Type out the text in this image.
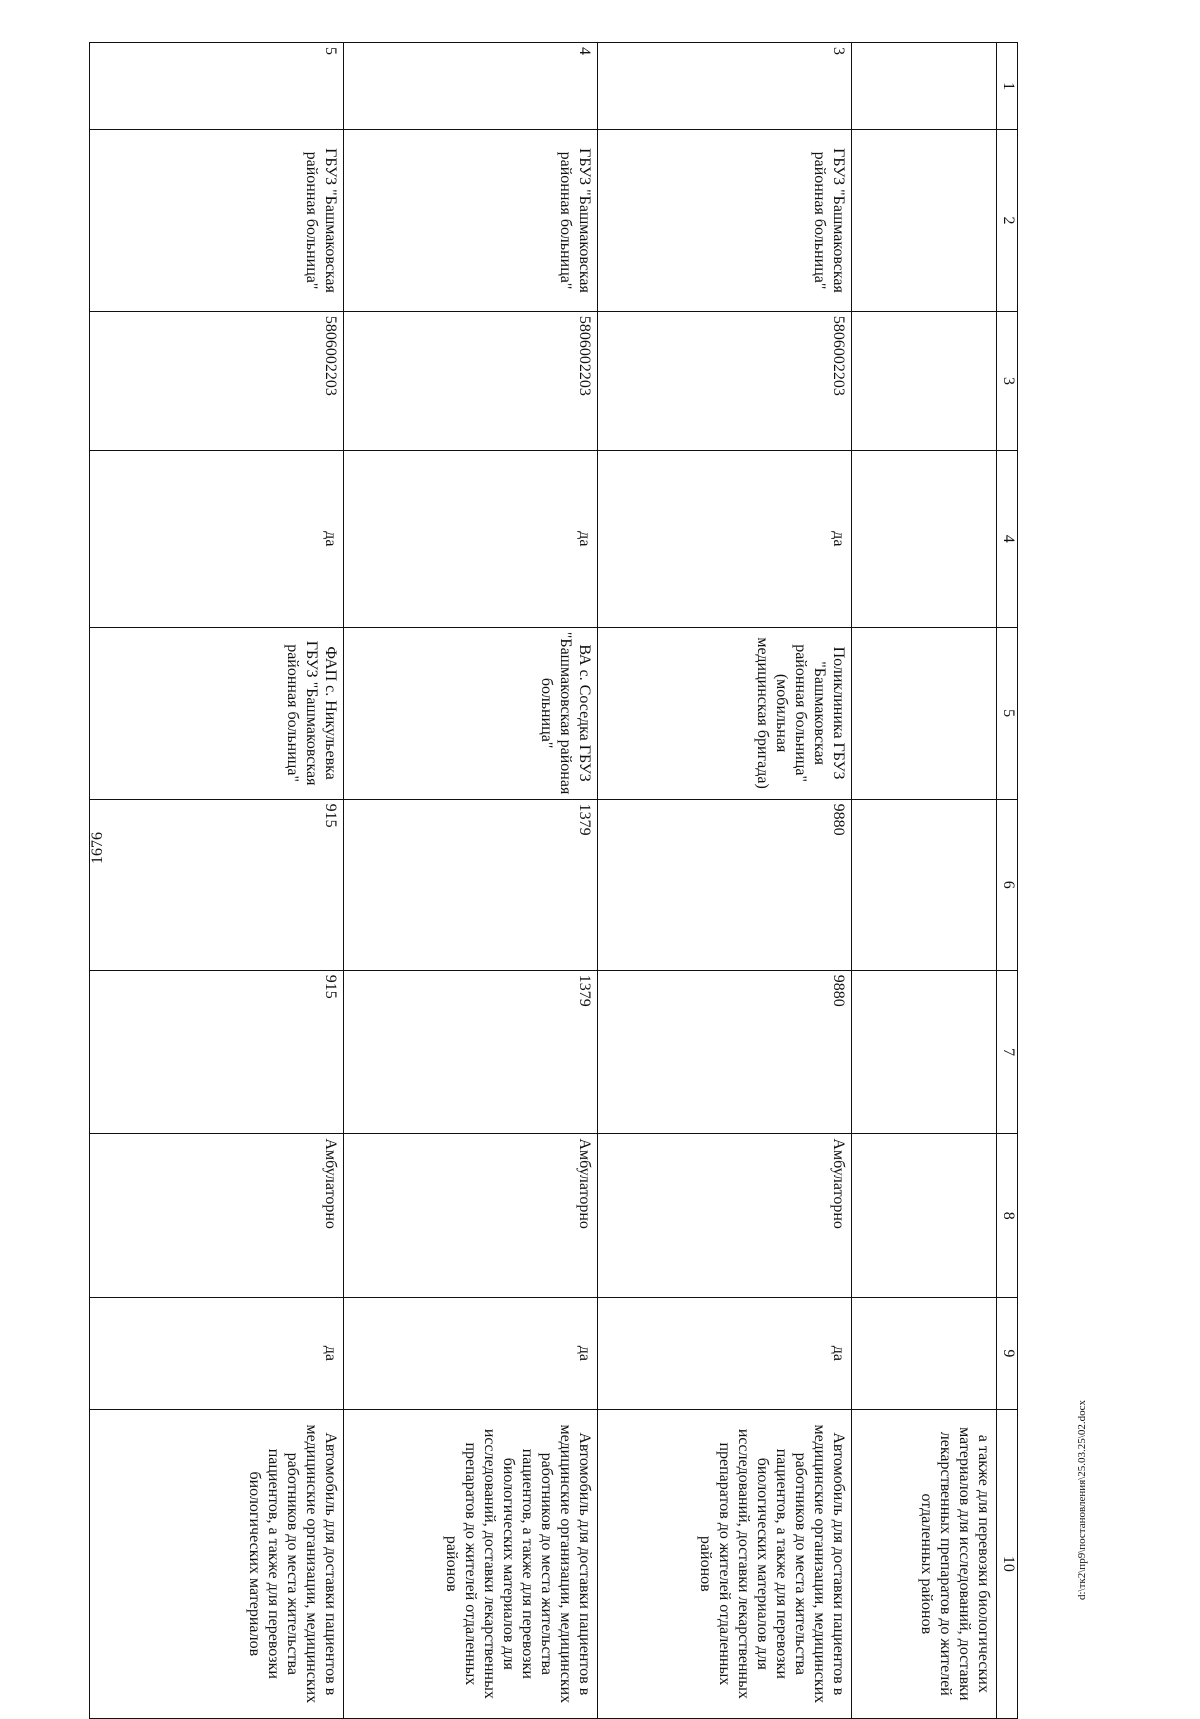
1676
1	2	3	4	5	6	7	8	9	10
									а также для перевозки биологических материалов для исследований, доставки лекарственных препаратов до жителей отдаленных районов
3	ГБУЗ "Башмаковская районная больница"	5806002203	да	Поликлиника ГБУЗ "Башмаковская районная больница" (мобильная медицинская бригада)	9880	9880	Амбулаторно	да	Автомобиль для доставки пациентов в медицинские организации, медицинских работников до места жительства пациентов, а также для перевозки биологических материалов для исследований, доставки лекарственных препаратов до жителей отдаленных районов
4	ГБУЗ "Башмаковская районная больница"	5806002203	да	ВА с. Соседка ГБУЗ "Башмаковская районая больница"	1379	1379	Амбулаторно	да	Автомобиль для доставки пациентов в медицинские организации, медицинских работников до места жительства пациентов, а также для перевозки биологических материалов для исследований, доставки лекарственных препаратов до жителей отдаленных районов
5	ГБУЗ "Башмаковская районная больница"	5806002203	да	ФАП с. Никульевка ГБУЗ "Башмаковская районная больница"	915	915	Амбулаторно	да	Автомобиль для доставки пациентов в медицинские организации, медицинских работников до места жительства пациентов, а также для перевозки биологических материалов	d:\тк2\пр9\постановления\25.03.25\02.docx
